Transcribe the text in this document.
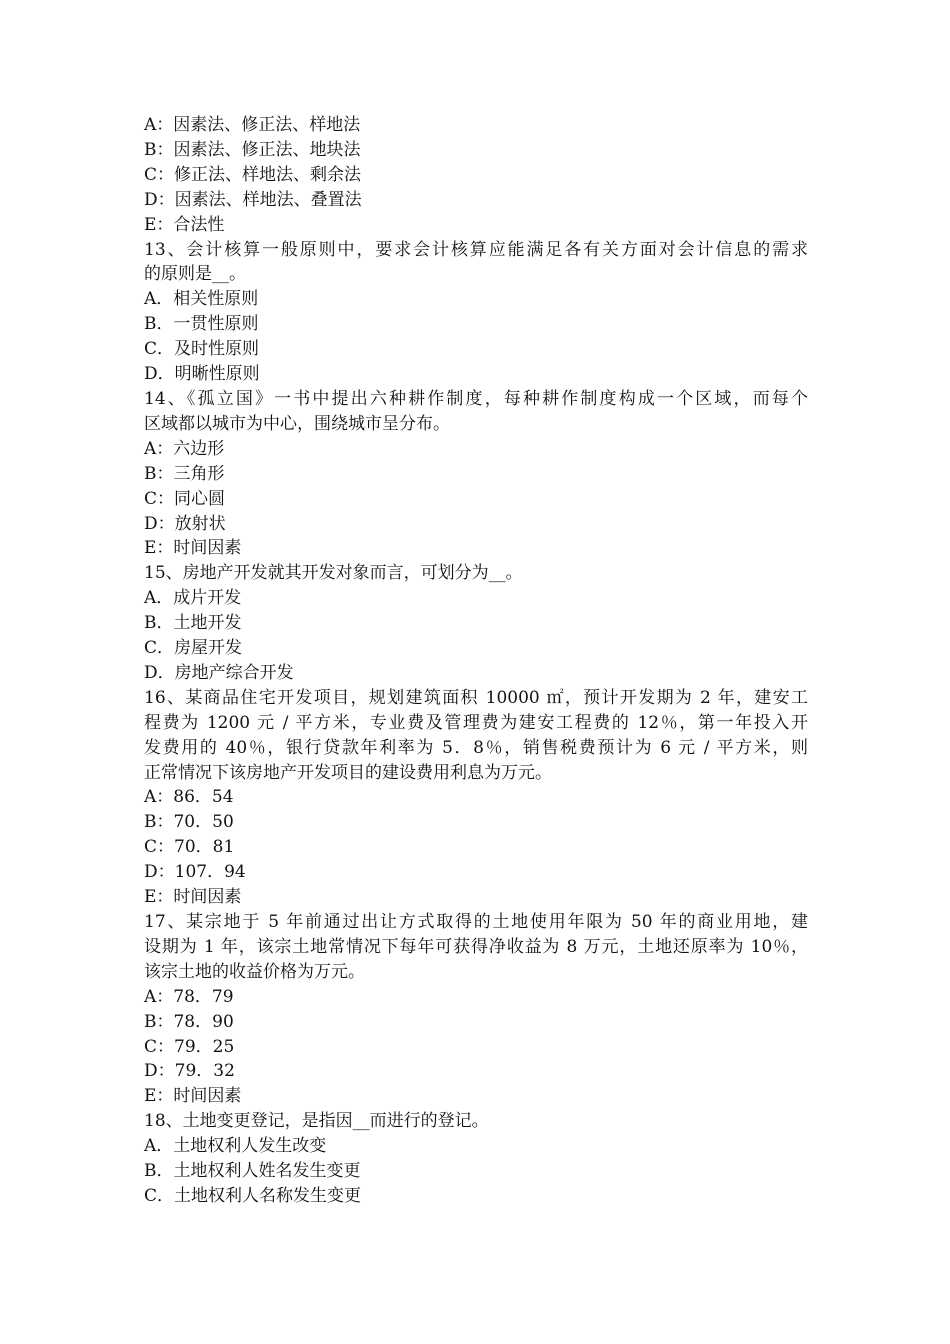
A：因素法、修正法、样地法
B：因素法、修正法、地块法
C：修正法、样地法、剩余法
D：因素法、样地法、叠置法
E：合法性
13、会计核算一般原则中，要求会计核算应能满足各有关方面对会计信息的需求
的原则是__。
A．相关性原则
B．一贯性原则
C．及时性原则
D．明晰性原则
14、《孤立国》一书中提出六种耕作制度，每种耕作制度构成一个区域，而每个
区域都以城市为中心，围绕城市呈分布。
A：六边形
B：三角形
C：同心圆
D：放射状
E：时间因素
15、房地产开发就其开发对象而言，可划分为__。
A．成片开发
B．土地开发
C．房屋开发
D．房地产综合开发
16、某商品住宅开发项目，规划建筑面积 10000 ㎡，预计开发期为 2 年，建安工
程费为 1200 元 / 平方米，专业费及管理费为建安工程费的 12％，第一年投入开
发费用的 40％，银行贷款年利率为 5．8％，销售税费预计为 6 元 / 平方米，则
正常情况下该房地产开发项目的建设费用利息为万元。
A：86．54
B：70．50
C：70．81
D：107．94
E：时间因素
17、某宗地于 5 年前通过出让方式取得的土地使用年限为 50 年的商业用地，建
设期为 1 年，该宗土地常情况下每年可获得净收益为 8 万元，土地还原率为 10％，
该宗土地的收益价格为万元。
A：78．79
B：78．90
C：79．25
D：79．32
E：时间因素
18、土地变更登记，是指因__而进行的登记。
A．土地权利人发生改变
B．土地权利人姓名发生变更
C．土地权利人名称发生变更
